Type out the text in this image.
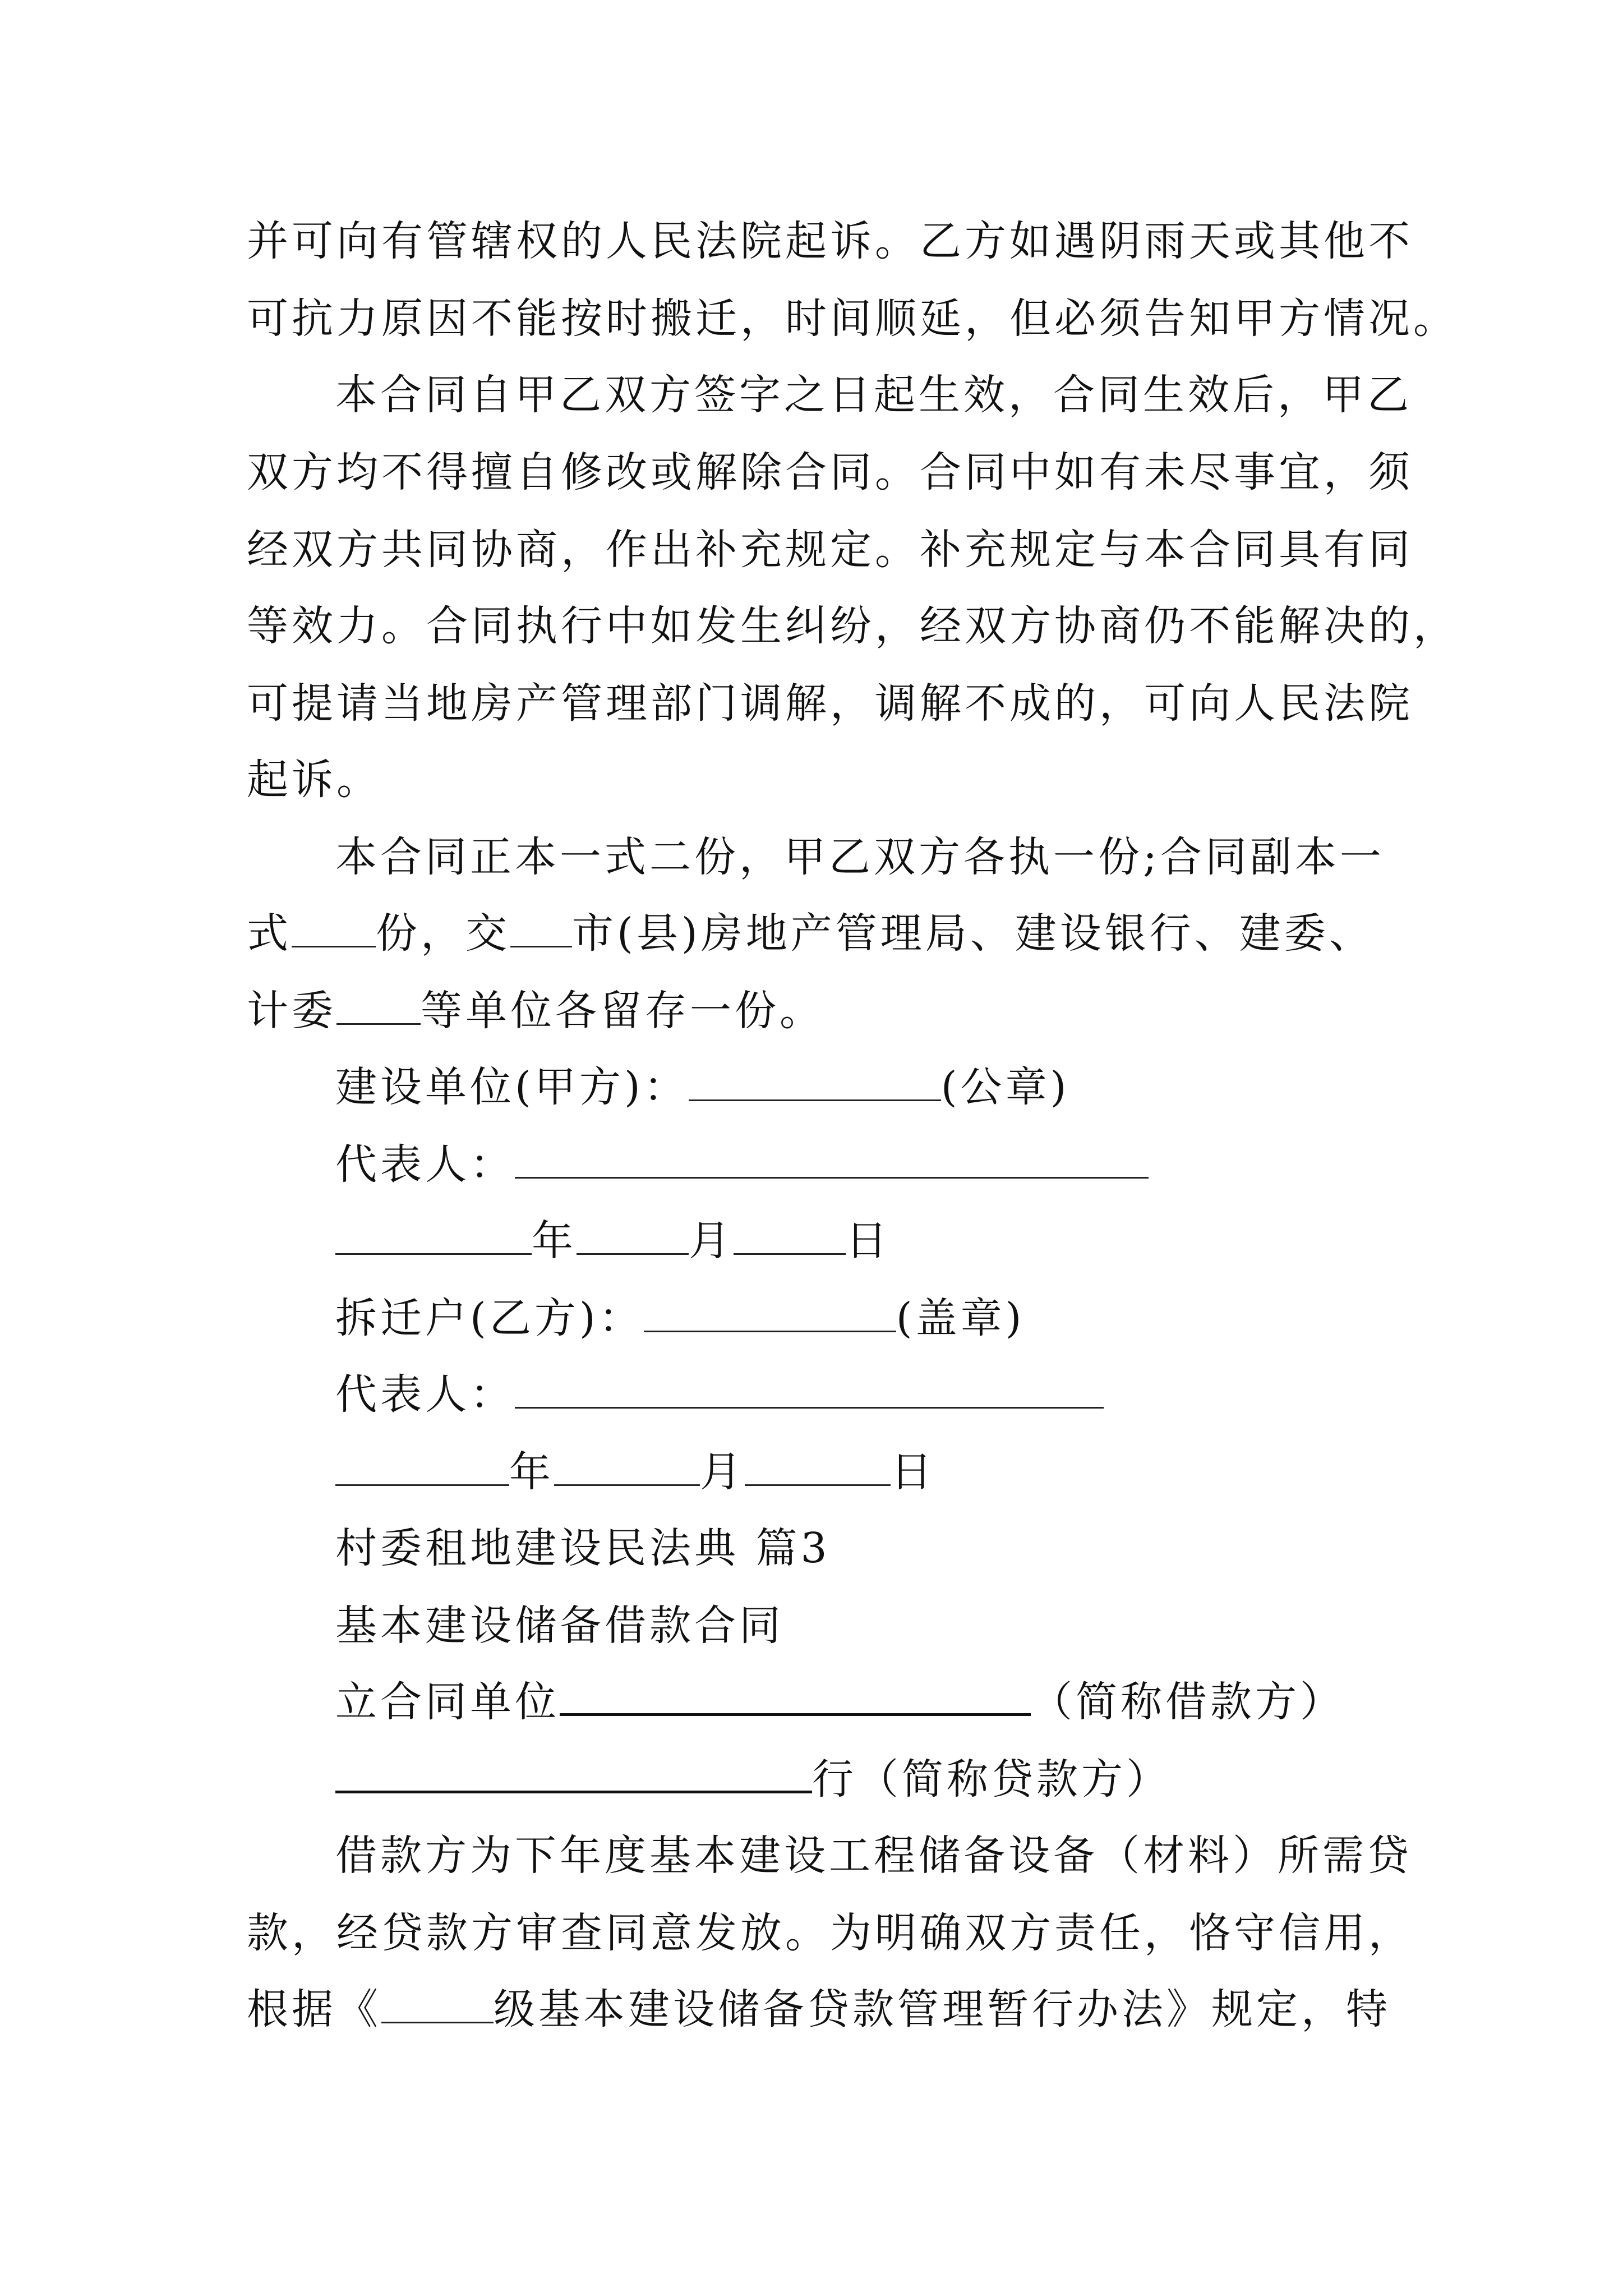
并可向有管辖权的人民法院起诉。乙方如遇阴雨天或其他不
可抗力原因不能按时搬迁，时间顺延，但必须告知甲方情况。
本合同自甲乙双方签字之日起生效，合同生效后，甲乙
双方均不得擅自修改或解除合同。合同中如有未尽事宜，须
经双方共同协商，作出补充规定。补充规定与本合同具有同
等效力。合同执行中如发生纠纷，经双方协商仍不能解决的，
可提请当地房产管理部门调解，调解不成的，可向人民法院
起诉。
本合同正本一式二份，甲乙双方各执一份;合同副本一
式 份，交 市(县)房地产管理局、建设银行、建委、
计委 等单位各留存一份。
建设单位(甲方)：	(公章)
代表人：
年	月	日
拆迁户(乙方)：	(盖章)
代表人：
年	月	日
村委租地建设民法典 篇3
基本建设储备借款合同
立合同单位	（简称借款方）
行（简称贷款方）
借款方为下年度基本建设工程储备设备（材料）所需贷
款，经贷款方审查同意发放。为明确双方责任，恪守信用，
根据《	级基本建设储备贷款管理暂行办法》规定，特
